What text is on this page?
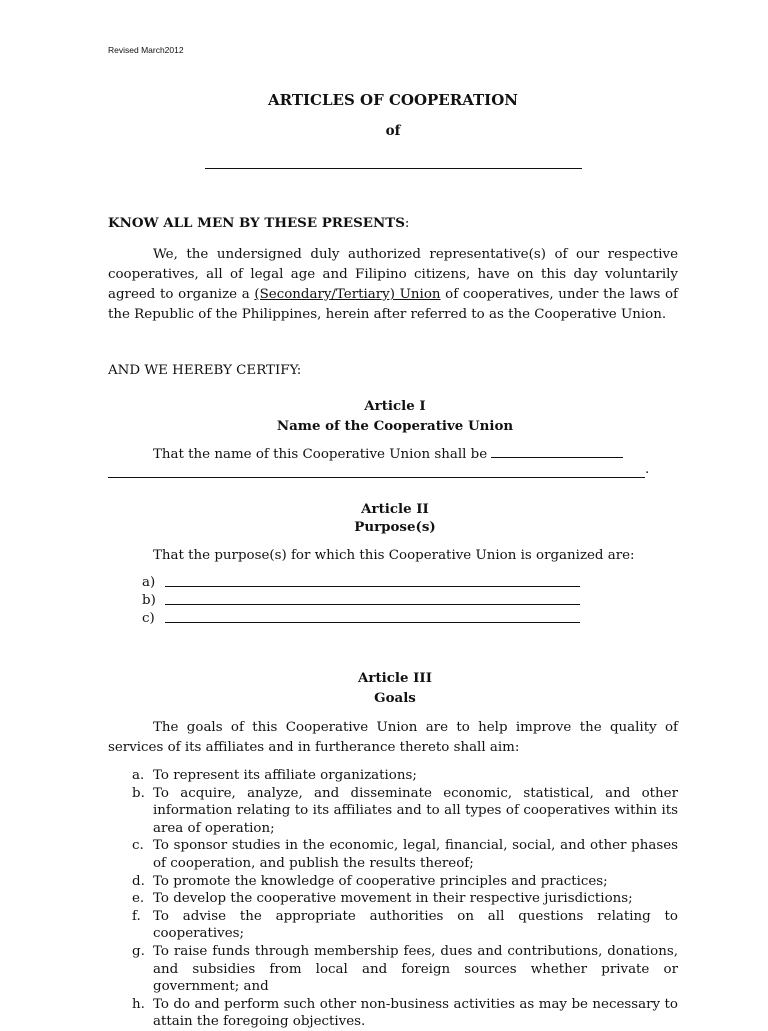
Revised March2012
ARTICLES OF COOPERATION
of
KNOW ALL MEN BY THESE PRESENTS:
We, the undersigned duly authorized representative(s) of our respective cooperatives, all of legal age and Filipino citizens, have on this day voluntarily agreed to organize a (Secondary/Tertiary) Union of cooperatives, under the laws of the Republic of the Philippines, herein after referred to as the Cooperative Union.
AND WE HEREBY CERTIFY:
Article I
Name of the Cooperative Union
That the name of this Cooperative Union shall be
.
Article II
Purpose(s)
That the purpose(s) for which this Cooperative Union is organized are:
a)
b)
c)
Article III
Goals
The goals of this Cooperative Union are to help improve the quality of services of its affiliates and in furtherance thereto shall aim:
a. To represent its affiliate organizations;
b. To acquire, analyze, and disseminate economic, statistical, and other information relating to its affiliates and to all types of cooperatives within its area of operation;
c. To sponsor studies in the economic, legal, financial, social, and other phases of cooperation, and publish the results thereof;
d. To promote the knowledge of cooperative principles and practices;
e. To develop the cooperative movement in their respective jurisdictions;
f. To advise the appropriate authorities on all questions relating to cooperatives;
g. To raise funds through membership fees, dues and contributions, donations, and subsidies from local and foreign sources whether private or government; and
h. To do and perform such other non-business activities as may be necessary to attain the foregoing objectives.
